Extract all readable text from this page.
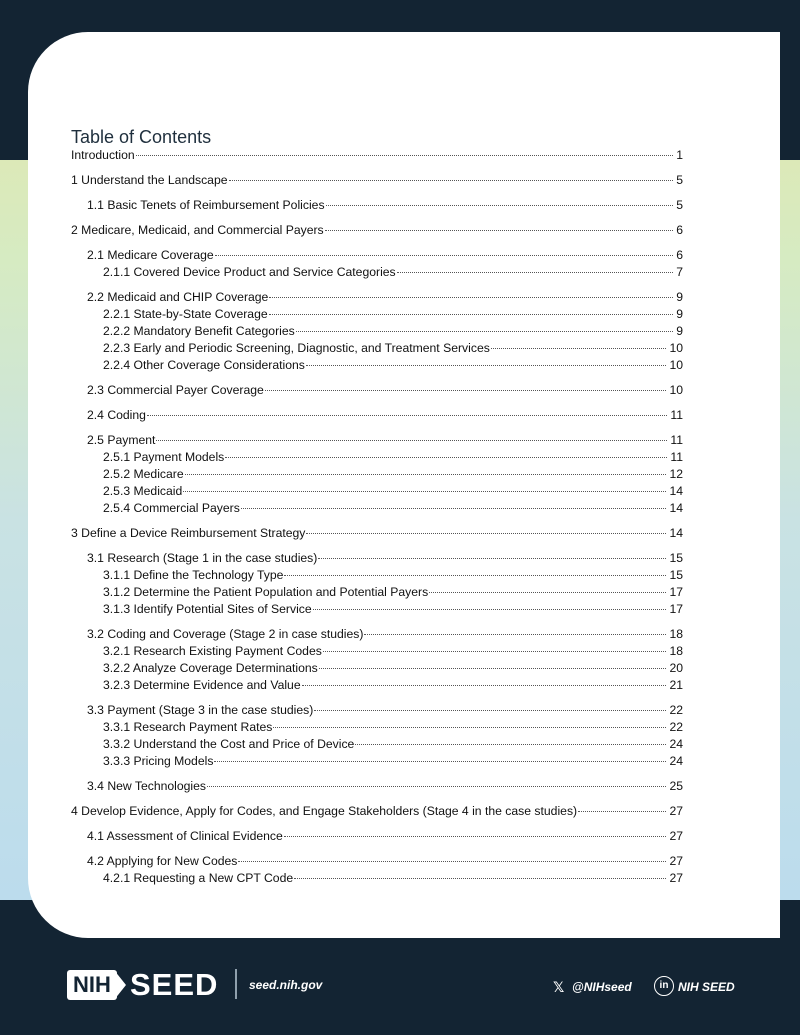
Table of Contents
Introduction	1
1 Understand the Landscape	5
1.1 Basic Tenets of Reimbursement Policies	5
2 Medicare, Medicaid, and Commercial Payers	6
2.1 Medicare Coverage	6
2.1.1 Covered Device Product and Service Categories	7
2.2 Medicaid and CHIP Coverage	9
2.2.1 State-by-State Coverage	9
2.2.2 Mandatory Benefit Categories	9
2.2.3 Early and Periodic Screening, Diagnostic, and Treatment Services	10
2.2.4 Other Coverage Considerations	10
2.3 Commercial Payer Coverage	10
2.4 Coding	11
2.5 Payment	11
2.5.1 Payment Models	11
2.5.2 Medicare	12
2.5.3 Medicaid	14
2.5.4 Commercial Payers	14
3 Define a Device Reimbursement Strategy	14
3.1 Research (Stage 1 in the case studies)	15
3.1.1 Define the Technology Type	15
3.1.2 Determine the Patient Population and Potential Payers	17
3.1.3 Identify Potential Sites of Service	17
3.2 Coding and Coverage (Stage 2 in case studies)	18
3.2.1 Research Existing Payment Codes	18
3.2.2 Analyze Coverage Determinations	20
3.2.3 Determine Evidence and Value	21
3.3 Payment (Stage 3 in the case studies)	22
3.3.1 Research Payment Rates	22
3.3.2 Understand the Cost and Price of Device	24
3.3.3 Pricing Models	24
3.4 New Technologies	25
4 Develop Evidence, Apply for Codes, and Engage Stakeholders (Stage 4 in the case studies)	27
4.1 Assessment of Clinical Evidence	27
4.2 Applying for New Codes	27
4.2.1 Requesting a New CPT Code	27
NIH SEED	seed.nih.gov	𝕏 @NIHseed	in NIH SEED
